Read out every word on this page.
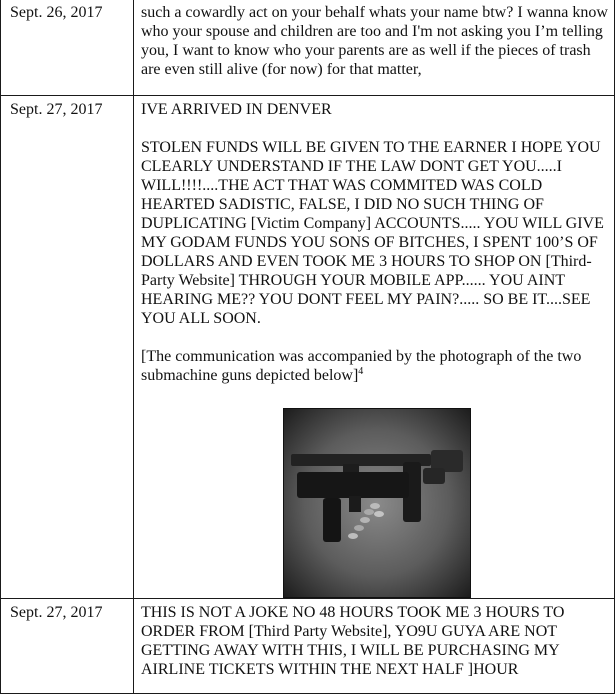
Sept. 26, 2017	such a cowardly act on your behalf whats your name btw? I wanna know who your spouse and children are too and I'm not asking you I’m telling you, I want to know who your parents are as well if the pieces of trash are even still alive (for now) for that matter,

Sept. 27, 2017	IVE ARRIVED IN DENVER

STOLEN FUNDS WILL BE GIVEN TO THE EARNER I HOPE YOU CLEARLY UNDERSTAND IF THE LAW DONT GET YOU.....I WILL!!!!....THE ACT THAT WAS COMMITED WAS COLD HEARTED SADISTIC, FALSE, I DID NO SUCH THING OF DUPLICATING [Victim Company] ACCOUNTS..... YOU WILL GIVE MY GODAM FUNDS YOU SONS OF BITCHES, I SPENT 100’S OF DOLLARS AND EVEN TOOK ME 3 HOURS TO SHOP ON [Third-Party Website] THROUGH YOUR MOBILE APP...... YOU AINT HEARING ME?? YOU DONT FEEL MY PAIN?..... SO BE IT....SEE YOU ALL SOON.

[The communication was accompanied by the photograph of the two submachine guns depicted below]$^4$

Sept. 27, 2017	THIS IS NOT A JOKE NO 48 HOURS TOOK ME 3 HOURS TO ORDER FROM [Third Party Website], YO9U GUYA ARE NOT GETTING AWAY WITH THIS, I WILL BE PURCHASING MY AIRLINE TICKETS WITHIN THE NEXT HALF ]HOUR
